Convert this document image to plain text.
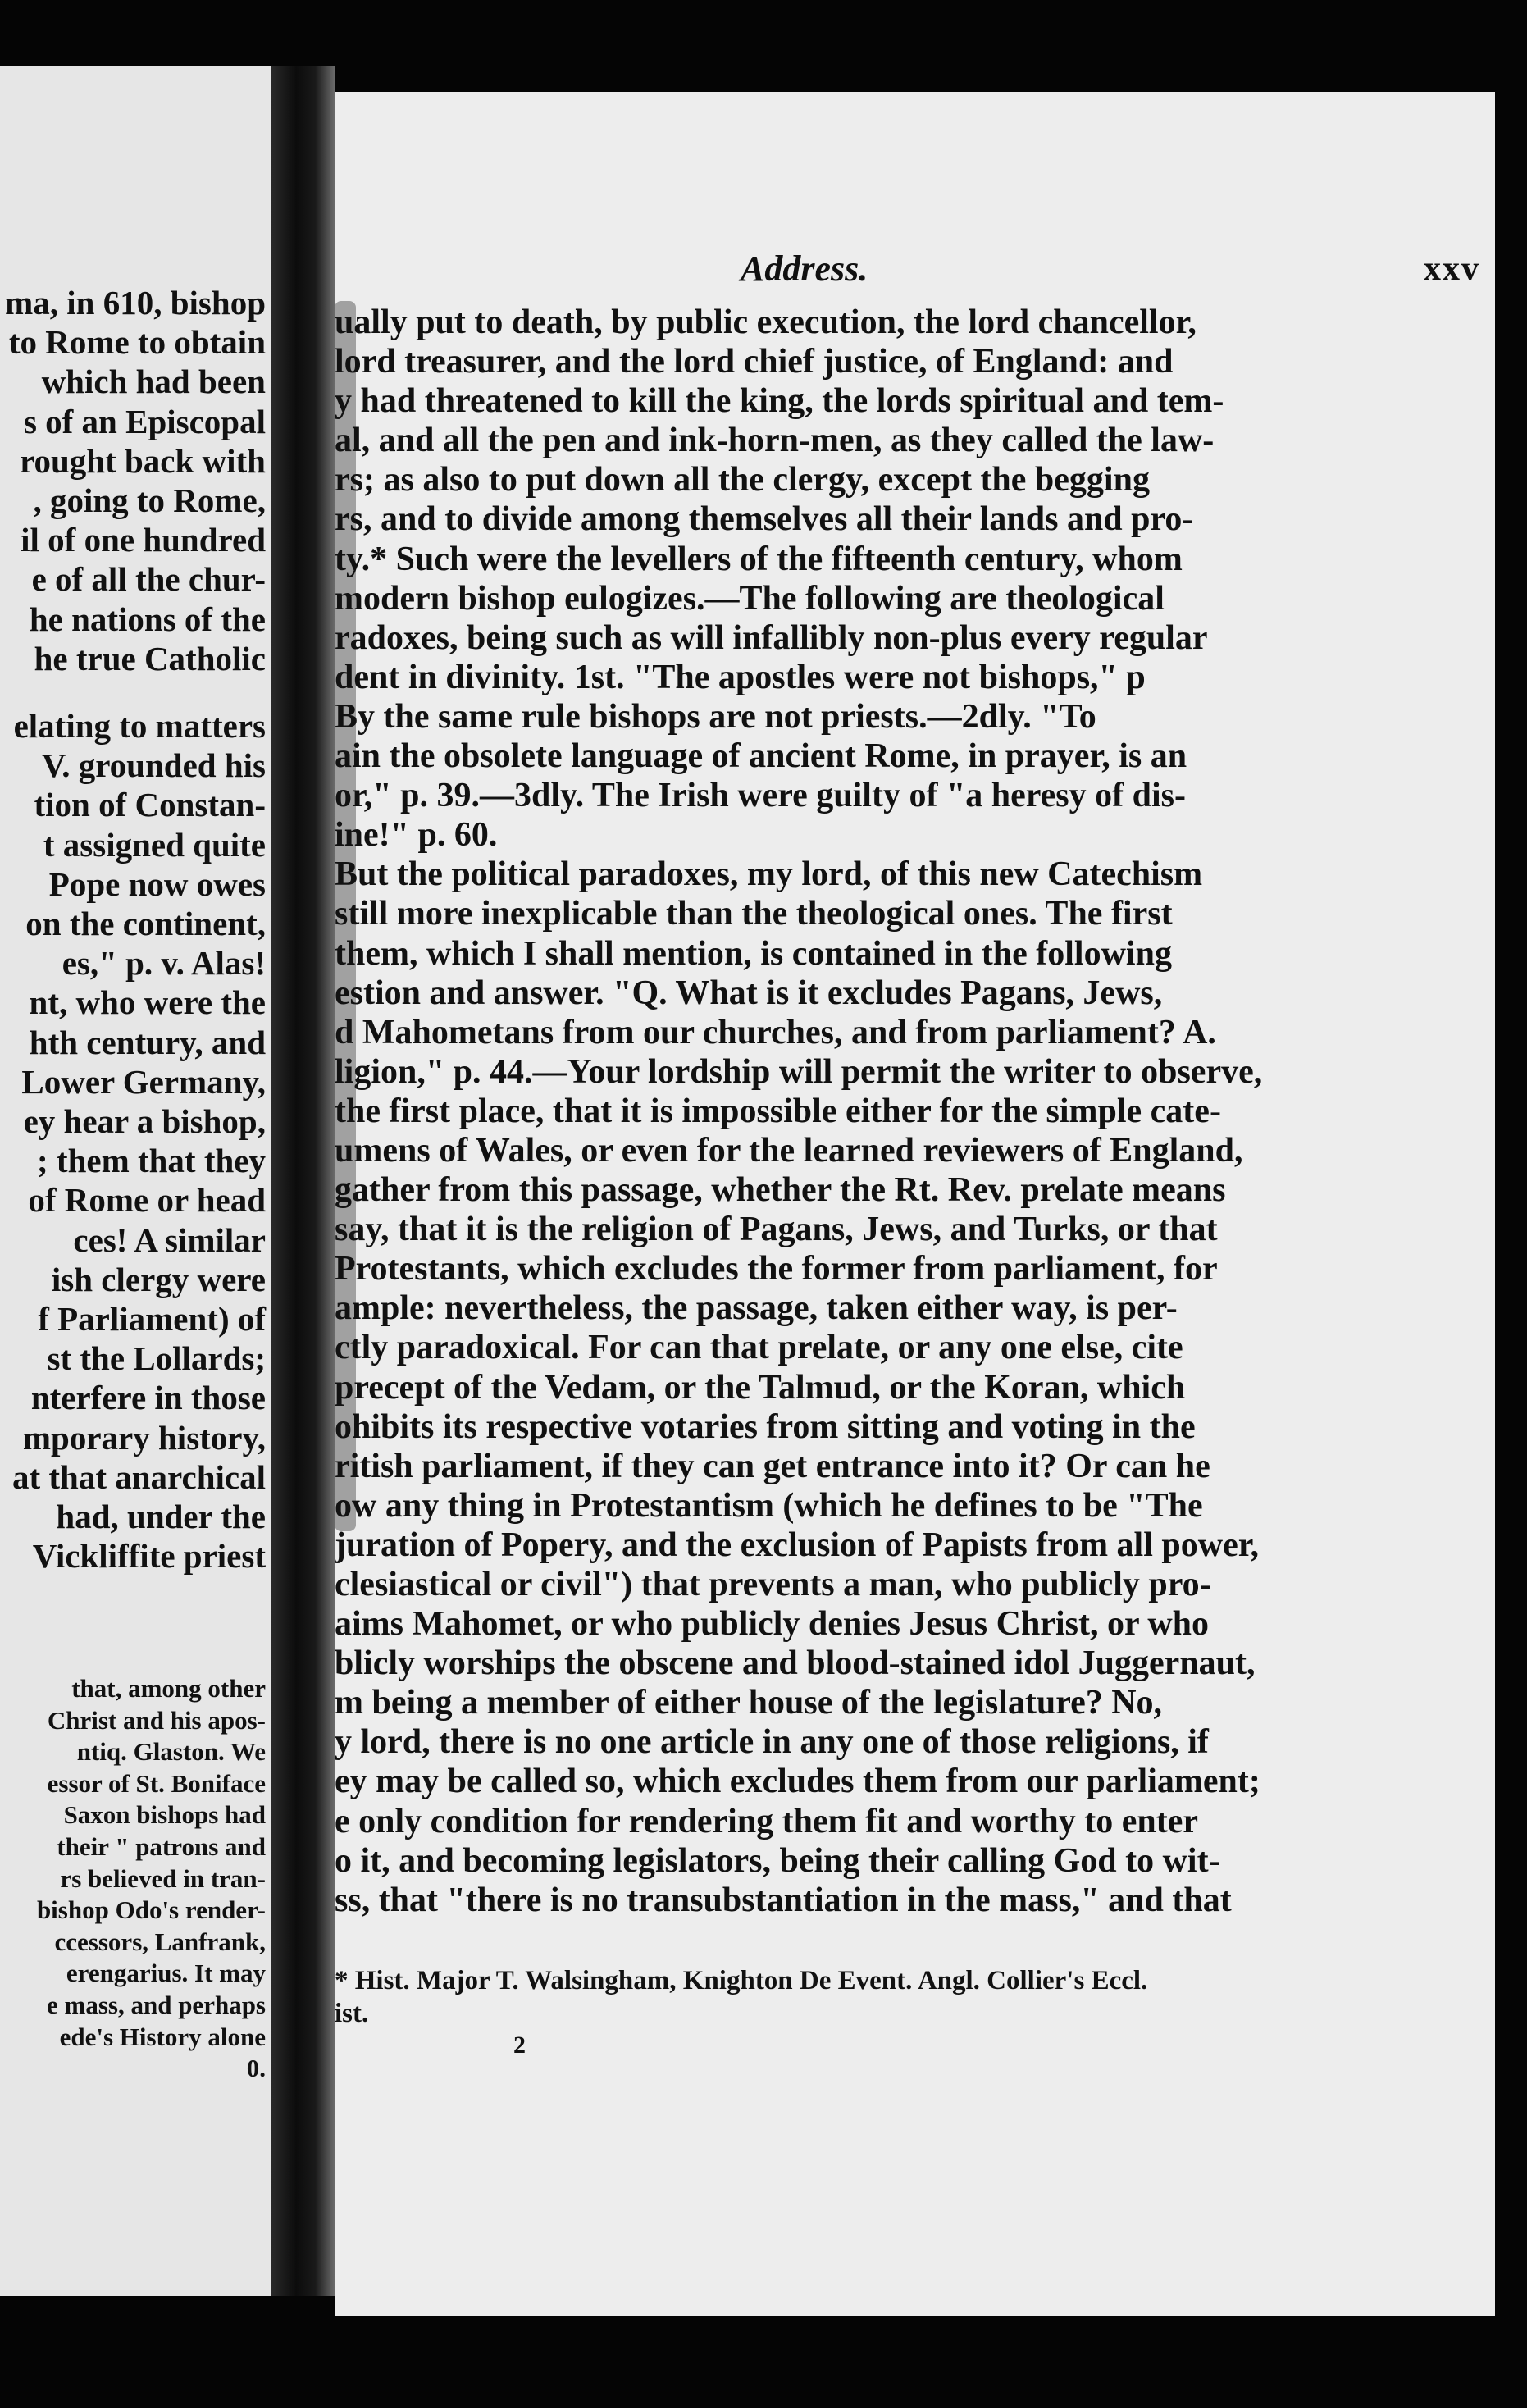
ma, in 610, bishop
to Rome to obtain
which had been
s of an Episcopal
rought back with
, going to Rome,
il of one hundred
e of all the chur-
he nations of the
he true Catholic
elating to matters
V. grounded his
tion of Constan-
t assigned quite
Pope now owes
on the continent,
es," p. v. Alas!
nt, who were the
hth century, and
Lower Germany,
ey hear a bishop,
; them that they
of Rome or head
ces! A similar
ish clergy were
f Parliament) of
st the Lollards;
nterfere in those
mporary history,
at that anarchical
had, under the
Vickliffite priest
that, among other
Christ and his apos-
ntiq. Glaston. We
essor of St. Boniface
Saxon bishops had
their " patrons and
rs believed in tran-
bishop Odo's render-
ccessors, Lanfrank,
erengarius. It may
e mass, and perhaps
ede's History alone
0.
Address.	xxv
ually put to death, by public execution, the lord chancellor,
lord treasurer, and the lord chief justice, of England: and
y had threatened to kill the king, the lords spiritual and tem-
al, and all the pen and ink-horn-men, as they called the law-
rs; as also to put down all the clergy, except the begging
rs, and to divide among themselves all their lands and pro-
ty.* Such were the levellers of the fifteenth century, whom
modern bishop eulogizes.—The following are theological
radoxes, being such as will infallibly non-plus every regular
dent in divinity. 1st. "The apostles were not bishops," p
By the same rule bishops are not priests.—2dly. "To
ain the obsolete language of ancient Rome, in prayer, is an
or," p. 39.—3dly. The Irish were guilty of "a heresy of dis-
ine!" p. 60.
But the political paradoxes, my lord, of this new Catechism
still more inexplicable than the theological ones. The first
them, which I shall mention, is contained in the following
estion and answer. "Q. What is it excludes Pagans, Jews,
d Mahometans from our churches, and from parliament? A.
ligion," p. 44.—Your lordship will permit the writer to observe,
the first place, that it is impossible either for the simple cate-
umens of Wales, or even for the learned reviewers of England,
gather from this passage, whether the Rt. Rev. prelate means
say, that it is the religion of Pagans, Jews, and Turks, or that
Protestants, which excludes the former from parliament, for
ample: nevertheless, the passage, taken either way, is per-
ctly paradoxical. For can that prelate, or any one else, cite
precept of the Vedam, or the Talmud, or the Koran, which
ohibits its respective votaries from sitting and voting in the
ritish parliament, if they can get entrance into it? Or can he
ow any thing in Protestantism (which he defines to be "The
juration of Popery, and the exclusion of Papists from all power,
clesiastical or civil") that prevents a man, who publicly pro-
aims Mahomet, or who publicly denies Jesus Christ, or who
blicly worships the obscene and blood-stained idol Juggernaut,
m being a member of either house of the legislature? No,
y lord, there is no one article in any one of those religions, if
ey may be called so, which excludes them from our parliament;
e only condition for rendering them fit and worthy to enter
o it, and becoming legislators, being their calling God to wit-
ss, that "there is no transubstantiation in the mass," and that
* Hist. Major T. Walsingham, Knighton De Event. Angl. Collier's Eccl.
ist.
2
